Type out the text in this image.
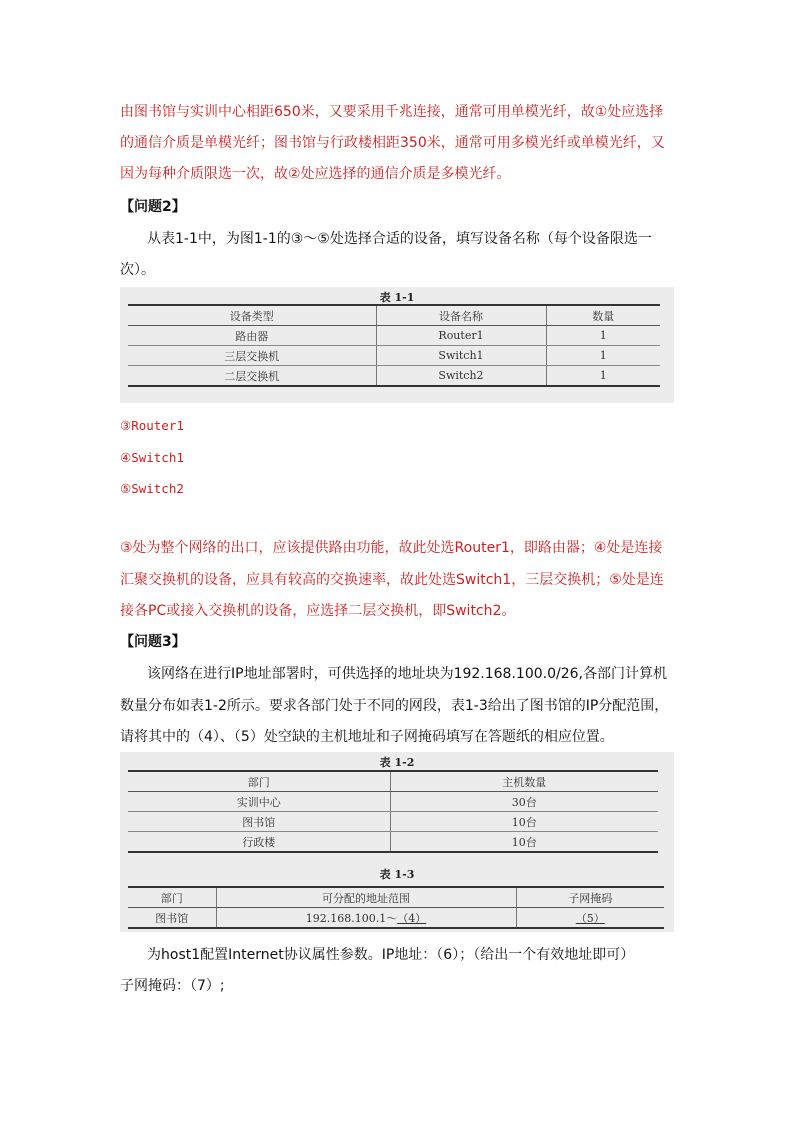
由图书馆与实训中心相距650米，又要采用千兆连接，通常可用单模光纤，故①处应选择
的通信介质是单模光纤；图书馆与行政楼相距350米，通常可用多模光纤或单模光纤，又
因为每种介质限选一次，故②处应选择的通信介质是多模光纤。
【问题2】
从表1-1中，为图1-1的③～⑤处选择合适的设备，填写设备名称（每个设备限选一
次）。
表 1-1
设备类型	设备名称	数量
路由器	Router1	1
三层交换机	Switch1	1
二层交换机	Switch2	1
③Router1
④Switch1
⑤Switch2
③处为整个网络的出口，应该提供路由功能，故此处选Router1，即路由器；④处是连接
汇聚交换机的设备，应具有较高的交换速率，故此处选Switch1，三层交换机；⑤处是连
接各PC或接入交换机的设备，应选择二层交换机，即Switch2。
【问题3】
该网络在进行IP地址部署时，可供选择的地址块为192.168.100.0/26,各部门计算机
数量分布如表1-2所示。要求各部门处于不同的网段，表1-3给出了图书馆的IP分配范围，
请将其中的（4）、（5）处空缺的主机地址和子网掩码填写在答题纸的相应位置。
表 1-2
部门	主机数量
实训中心	30台
图书馆	10台
行政楼	10台
表 1-3
部门	可分配的地址范围	子网掩码
图书馆	192.168.100.1～（4）	（5）
为host1配置Internet协议属性参数。IP地址：（6）；（给出一个有效地址即可）
子网掩码：（7）;
